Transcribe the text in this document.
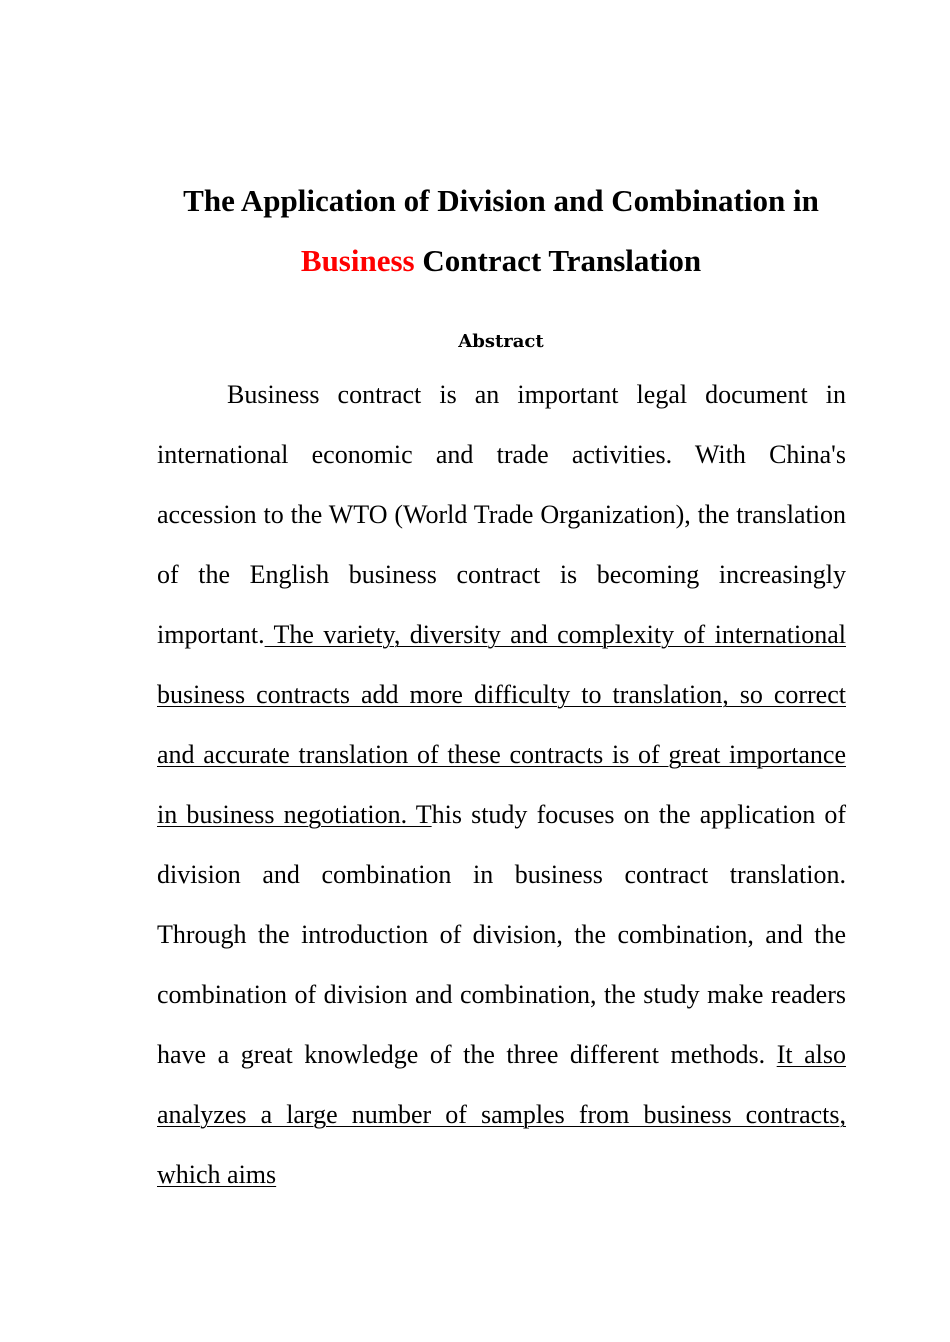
The Application of Division and Combination in
Business Contract Translation
Abstract

Business contract is an important legal document in international economic and trade activities. With China's accession to the WTO (World Trade Organization), the translation of the English business contract is becoming increasingly important. The variety, diversity and complexity of international business contracts add more difficulty to translation, so correct and accurate translation of these contracts is of great importance in business negotiation. This study focuses on the application of division and combination in business contract translation. Through the introduction of division, the combination, and the combination of division and combination, the study make readers have a great knowledge of the three different methods. It also analyzes a large number of samples from business contracts, which aims
